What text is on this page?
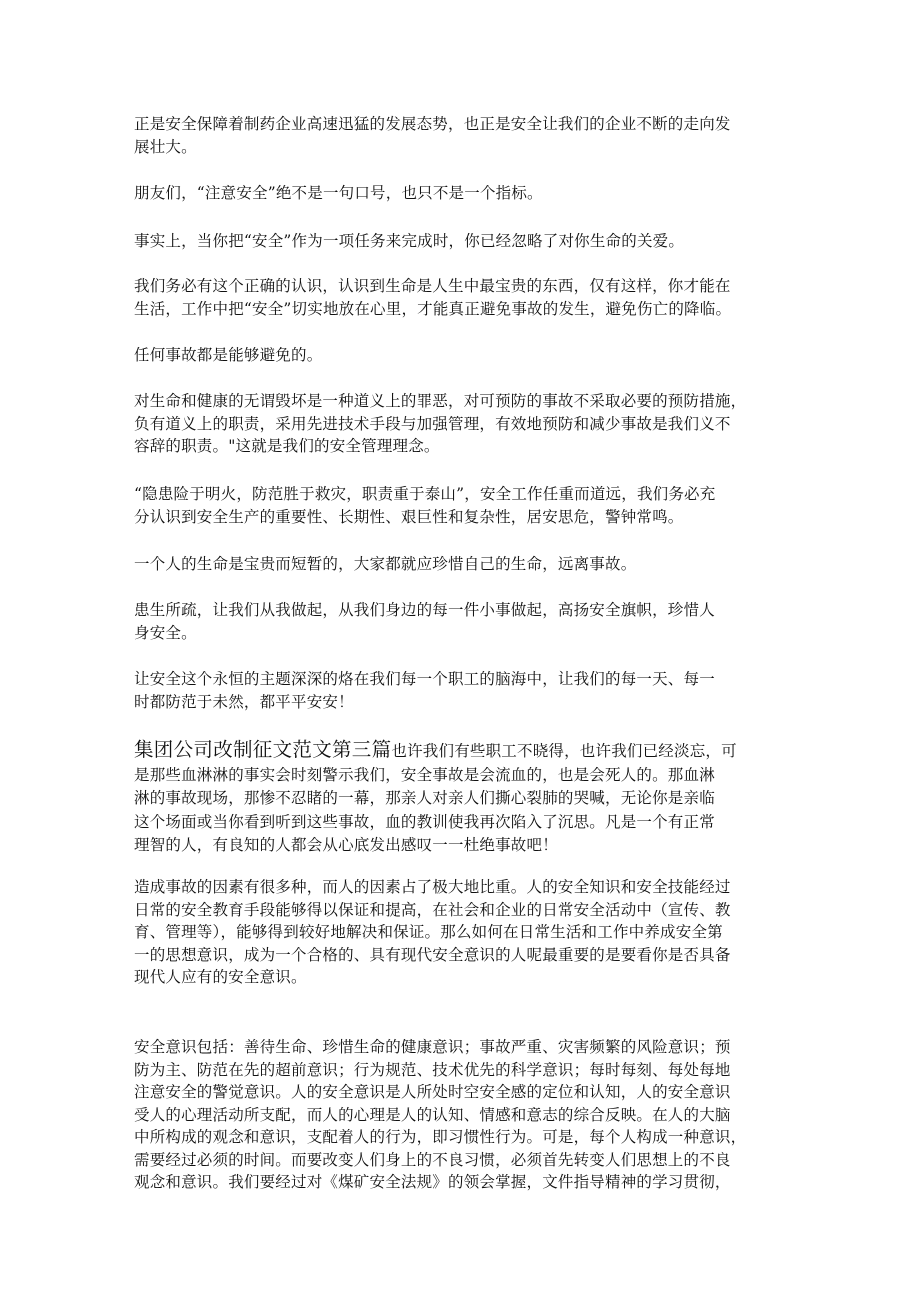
正是安全保障着制药企业高速迅猛的发展态势，也正是安全让我们的企业不断的走向发
展壮大。

朋友们，“注意安全”绝不是一句口号，也只不是一个指标。

事实上，当你把“安全”作为一项任务来完成时，你已经忽略了对你生命的关爱。

我们务必有这个正确的认识，认识到生命是人生中最宝贵的东西，仅有这样，你才能在
生活，工作中把“安全”切实地放在心里，才能真正避免事故的发生，避免伤亡的降临。

任何事故都是能够避免的。

对生命和健康的无谓毁坏是一种道义上的罪恶，对可预防的事故不采取必要的预防措施，
负有道义上的职责，采用先进技术手段与加强管理，有效地预防和减少事故是我们义不
容辞的职责。"这就是我们的安全管理理念。

“隐患险于明火，防范胜于救灾，职责重于泰山”，安全工作任重而道远，我们务必充
分认识到安全生产的重要性、长期性、艰巨性和复杂性，居安思危，警钟常鸣。

一个人的生命是宝贵而短暂的，大家都就应珍惜自己的生命，远离事故。

患生所疏，让我们从我做起，从我们身边的每一件小事做起，高扬安全旗帜，珍惜人
身安全。

让安全这个永恒的主题深深的烙在我们每一个职工的脑海中，让我们的每一天、每一
时都防范于未然，都平平安安！

集团公司改制征文范文第三篇也许我们有些职工不晓得，也许我们已经淡忘，可
是那些血淋淋的事实会时刻警示我们，安全事故是会流血的，也是会死人的。那血淋
淋的事故现场，那惨不忍睹的一幕，那亲人对亲人们撕心裂肺的哭喊，无论你是亲临
这个场面或当你看到听到这些事故，血的教训使我再次陷入了沉思。凡是一个有正常
理智的人，有良知的人都会从心底发出感叹一一杜绝事故吧！

造成事故的因素有很多种，而人的因素占了极大地比重。人的安全知识和安全技能经过
日常的安全教育手段能够得以保证和提高，在社会和企业的日常安全活动中（宣传、教
育、管理等），能够得到较好地解决和保证。那么如何在日常生活和工作中养成安全第
一的思想意识，成为一个合格的、具有现代安全意识的人呢最重要的是要看你是否具备
现代人应有的安全意识。

安全意识包括：善待生命、珍惜生命的健康意识；事故严重、灾害频繁的风险意识；预
防为主、防范在先的超前意识；行为规范、技术优先的科学意识；每时每刻、每处每地
注意安全的警觉意识。人的安全意识是人所处时空安全感的定位和认知，人的安全意识
受人的心理活动所支配，而人的心理是人的认知、情感和意志的综合反映。在人的大脑
中所构成的观念和意识，支配着人的行为，即习惯性行为。可是，每个人构成一种意识，
需要经过必须的时间。而要改变人们身上的不良习惯，必须首先转变人们思想上的不良
观念和意识。我们要经过对《煤矿安全法规》的领会掌握，文件指导精神的学习贯彻，
